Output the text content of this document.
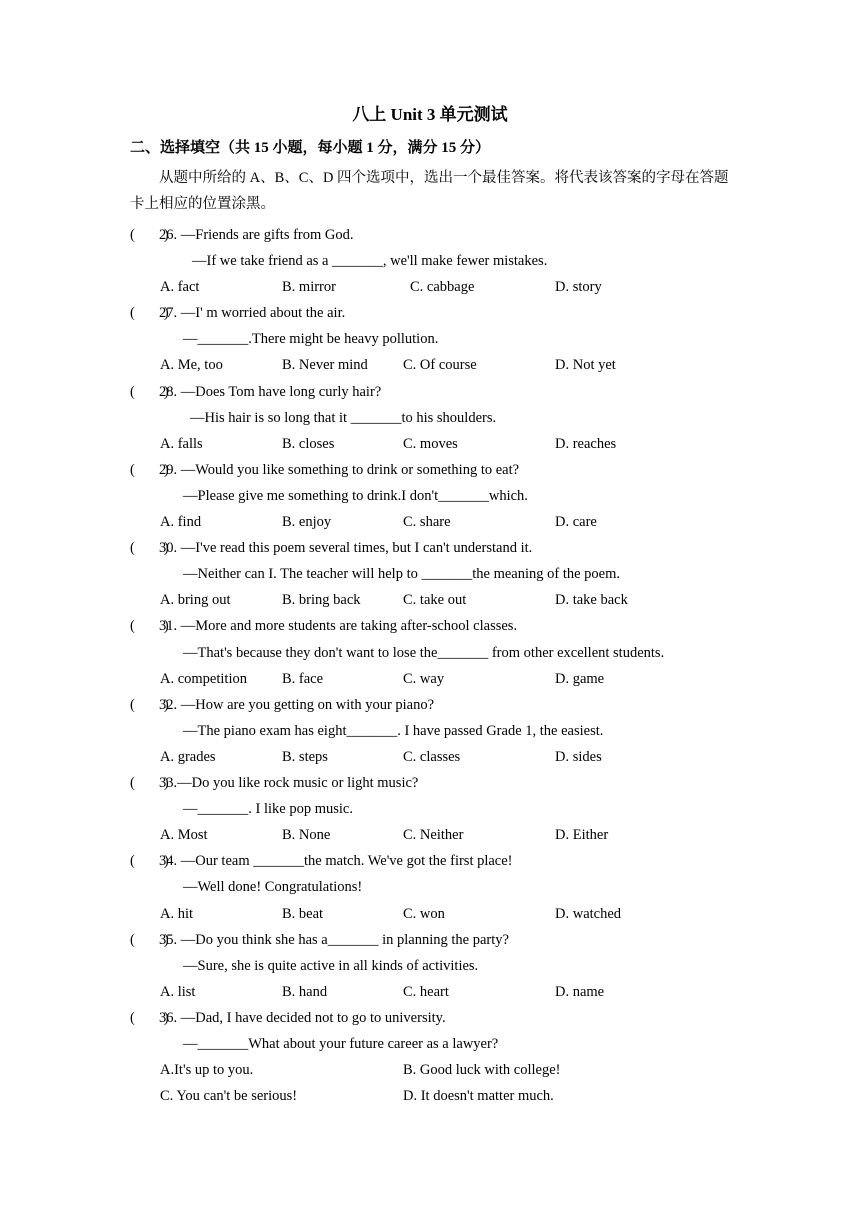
八上 Unit 3 单元测试
二、选择填空（共 15 小题，每小题 1 分，满分 15 分）
从题中所给的 A、B、C、D 四个选项中，选出一个最佳答案。将代表该答案的字母在答题卡上相应的位置涂黑。
(        )
26. —Friends are gifts from God.
—If we take friend as a _______, we'll make fewer mistakes.
A. fact	B. mirror	C. cabbage	D. story
(        )
27. —I' m worried about the air.
—_______.There might be heavy pollution.
A. Me, too	B. Never mind C. Of course	D. Not yet
(        )
28. —Does Tom have long curly hair?
—His hair is so long that it _______to his shoulders.
A. falls	B. closes	C. moves	D. reaches
(        )
29. —Would you like something to drink or something to eat?
—Please give me something to drink.I don't_______which.
A. find	B. enjoy	C. share	D. care
(        )
30. —I've read this poem several times, but I can't understand it.
—Neither can I. The teacher will help to _______the meaning of the poem.
A. bring out	B. bring back	C. take out	D. take back
(        )
31. —More and more students are taking after-school classes.
—That's because they don't want to lose the_______ from other excellent students.
A. competition B. face	C. way	D. game
(        )
32. —How are you getting on with your piano?
—The piano exam has eight_______. I have passed Grade 1, the easiest.
A. grades	B. steps	C. classes	D. sides
(        )
33.—Do you like rock music or light music?
—_______. I like pop music.
A. Most	B. None	C. Neither	D. Either
(        )
34. —Our team _______the match. We've got the first place!
—Well done! Congratulations!
A. hit	B. beat	C. won	D. watched
(        )
35. —Do you think she has a_______ in planning the party?
—Sure, she is quite active in all kinds of activities.
A. list	B. hand	C. heart	D. name
(        )
36. —Dad, I have decided not to go to university.
—_______What about your future career as a lawyer?
A.It's up to you.	B. Good luck with college!
C. You can't be serious!	D. It doesn't matter much.
